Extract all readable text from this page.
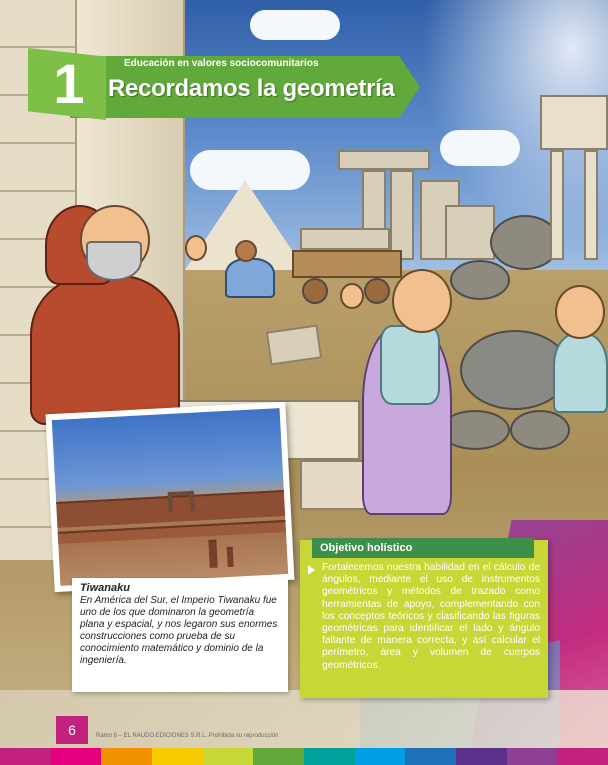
1	Educación en valores sociocomunitarios
Recordamos la geometría
Tiwanaku
En América del Sur, el Imperio Tiwanaku fue uno de los que dominaron la geometría plana y espacial, y nos legaron sus enormes construcciones como prueba de su conocimiento matemático y dominio de la ingeniería.
Objetivo holístico
Fortalecemos nuestra habilidad en el cálculo de ángulos, mediante el uso de instrumentos geométricos y métodos de trazado como herramientas de apoyo, complementando con los conceptos teóricos y clasificando las figuras geométricas para identificar el lado y ángulo faltante de manera correcta, y así calcular el perímetro, área y volumen de cuerpos geométricos.
6	Ramo 6 – EL RAUDO EDICIONES S.R.L. Prohibida su reproducción
